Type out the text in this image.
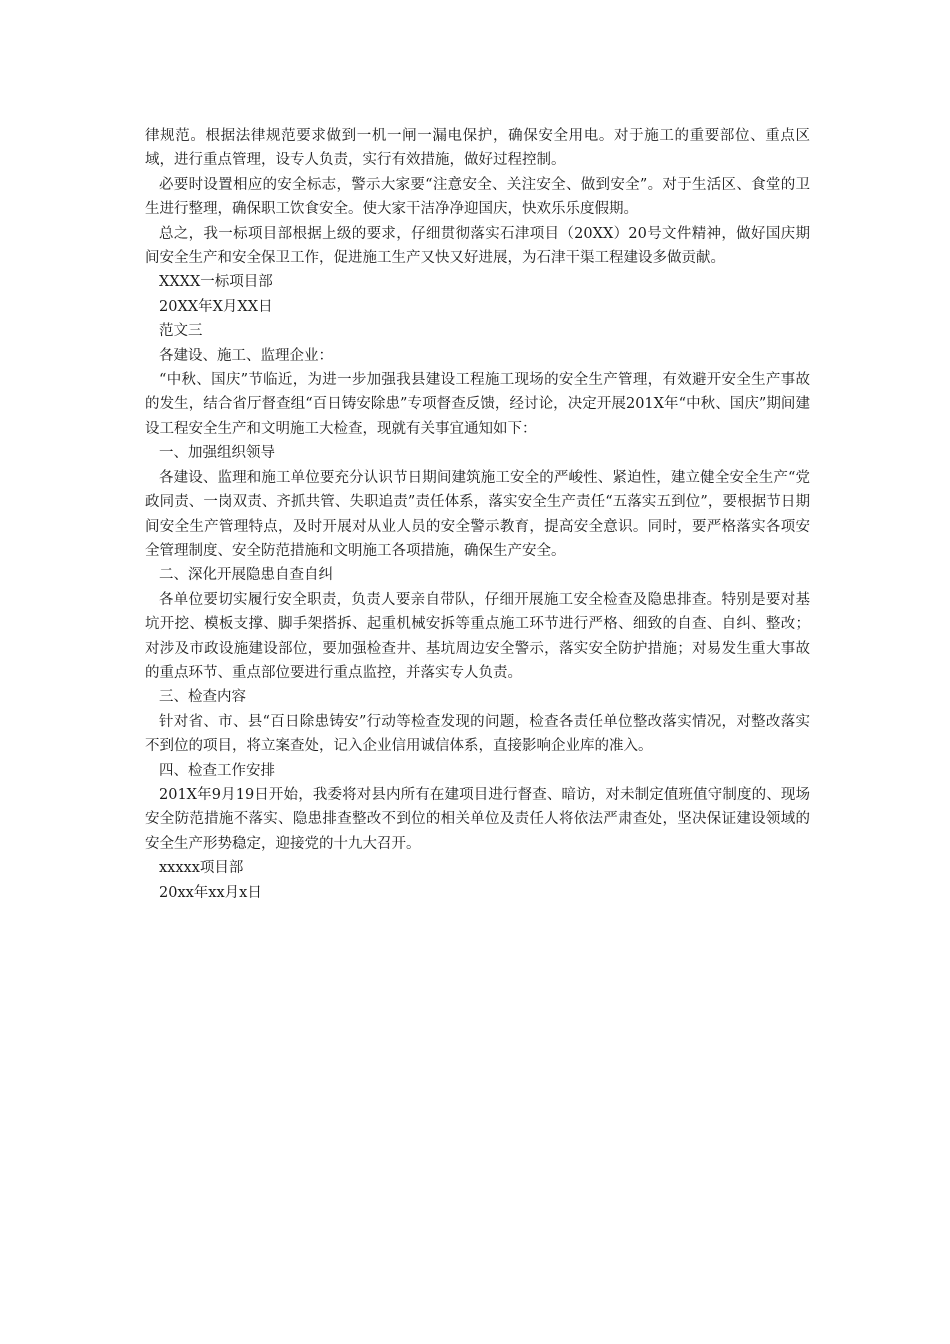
律规范。根据法律规范要求做到一机一闸一漏电保护，确保安全用电。对于施工的重要部位、重点区域，进行重点管理，设专人负责，实行有效措施，做好过程控制。

必要时设置相应的安全标志，警示大家要“注意安全、关注安全、做到安全”。对于生活区、食堂的卫生进行整理，确保职工饮食安全。使大家干洁净净迎国庆，快欢乐乐度假期。

总之，我一标项目部根据上级的要求，仔细贯彻落实石津项目（20XX）20号文件精神，做好国庆期间安全生产和安全保卫工作，促进施工生产又快又好进展，为石津干渠工程建设多做贡献。

XXXX一标项目部

20XX年X月XX日

范文三

各建设、施工、监理企业：

“中秋、国庆”节临近，为进一步加强我县建设工程施工现场的安全生产管理，有效避开安全生产事故的发生，结合省厅督查组“百日铸安除患”专项督查反馈，经讨论，决定开展201X年“中秋、国庆”期间建设工程安全生产和文明施工大检查，现就有关事宜通知如下：

一、加强组织领导

各建设、监理和施工单位要充分认识节日期间建筑施工安全的严峻性、紧迫性，建立健全安全生产“党政同责、一岗双责、齐抓共管、失职追责”责任体系，落实安全生产责任“五落实五到位”，要根据节日期间安全生产管理特点，及时开展对从业人员的安全警示教育，提高安全意识。同时，要严格落实各项安全管理制度、安全防范措施和文明施工各项措施，确保生产安全。

二、深化开展隐患自查自纠

各单位要切实履行安全职责，负责人要亲自带队，仔细开展施工安全检查及隐患排查。特别是要对基坑开挖、模板支撑、脚手架搭拆、起重机械安拆等重点施工环节进行严格、细致的自查、自纠、整改；对涉及市政设施建设部位，要加强检查井、基坑周边安全警示，落实安全防护措施；对易发生重大事故的重点环节、重点部位要进行重点监控，并落实专人负责。

三、检查内容

针对省、市、县“百日除患铸安”行动等检查发现的问题，检查各责任单位整改落实情况，对整改落实不到位的项目，将立案查处，记入企业信用诚信体系，直接影响企业库的准入。

四、检查工作安排

201X年9月19日开始，我委将对县内所有在建项目进行督查、暗访，对未制定值班值守制度的、现场安全防范措施不落实、隐患排查整改不到位的相关单位及责任人将依法严肃查处，坚决保证建设领域的安全生产形势稳定，迎接党的十九大召开。

xxxxx项目部

20xx年xx月x日
